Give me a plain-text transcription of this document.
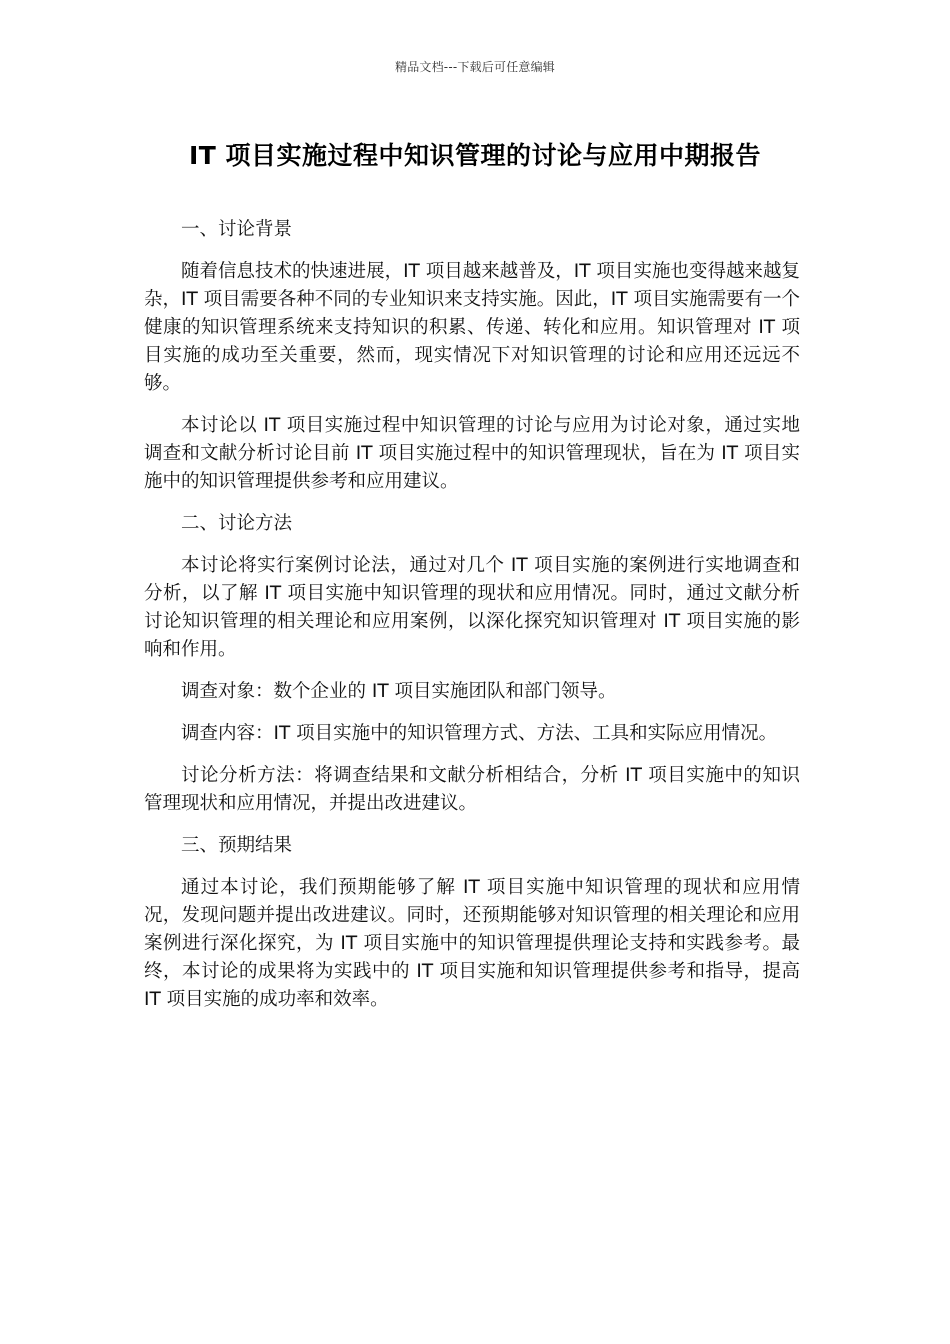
精品文档---下载后可任意编辑
IT 项目实施过程中知识管理的讨论与应用中期报告

一、讨论背景

随着信息技术的快速进展，IT 项目越来越普及，IT 项目实施也变得越来越复杂，IT 项目需要各种不同的专业知识来支持实施。因此，IT 项目实施需要有一个健康的知识管理系统来支持知识的积累、传递、转化和应用。知识管理对 IT 项目实施的成功至关重要，然而，现实情况下对知识管理的讨论和应用还远远不够。

本讨论以 IT 项目实施过程中知识管理的讨论与应用为讨论对象，通过实地调查和文献分析讨论目前 IT 项目实施过程中的知识管理现状，旨在为 IT 项目实施中的知识管理提供参考和应用建议。

二、讨论方法

本讨论将实行案例讨论法，通过对几个 IT 项目实施的案例进行实地调查和分析，以了解 IT 项目实施中知识管理的现状和应用情况。同时，通过文献分析讨论知识管理的相关理论和应用案例，以深化探究知识管理对 IT 项目实施的影响和作用。

调查对象：数个企业的 IT 项目实施团队和部门领导。

调查内容：IT 项目实施中的知识管理方式、方法、工具和实际应用情况。

讨论分析方法：将调查结果和文献分析相结合，分析 IT 项目实施中的知识管理现状和应用情况，并提出改进建议。

三、预期结果

通过本讨论，我们预期能够了解 IT 项目实施中知识管理的现状和应用情况，发现问题并提出改进建议。同时，还预期能够对知识管理的相关理论和应用案例进行深化探究，为 IT 项目实施中的知识管理提供理论支持和实践参考。最终，本讨论的成果将为实践中的 IT 项目实施和知识管理提供参考和指导，提高 IT 项目实施的成功率和效率。
